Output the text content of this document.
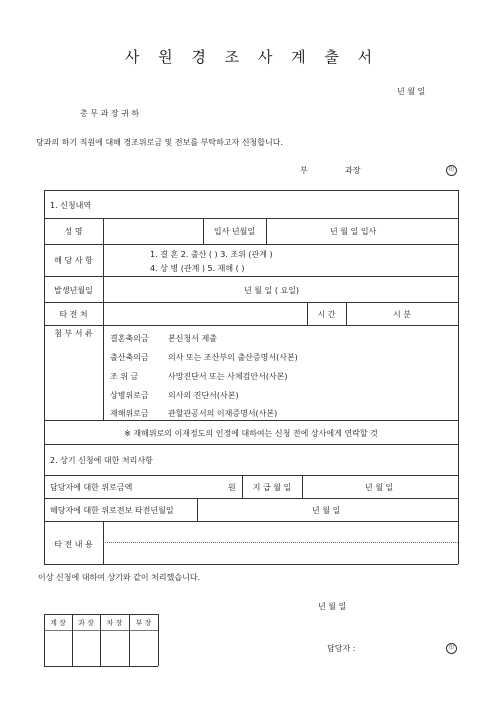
사 원 경 조 사 계 출 서
년 월 일
총 무 과 장 귀 하
당과의 하기 직원에 대해 경조위로금 및 전보를 부탁하고자 신청합니다.
부	과장	印
1. 신청내역
성 명	입사 년월일	년 월 일 입사
해 당 사 항
1. 결 혼 2. 출산 ( ) 3. 조위 (관계 )
4. 상 병 (관계 ) 5. 재해 ( )
발생년월일	년 월 일 ( 요일)
타 전 처	시 간	시 분
첨 부 서 류
결혼축의금 본신청서 제출
출산축의금 의사 또는 조산부의 출산증명서(사본)
조 위 금	사망진단서 또는 사체검안서(사본)
상병위로금 의사의 진단서(사본)
재해위로금 관할관공서의 이재증명서(사본)
※ 재해위로의 이재정도의 인정에 대하여는 신청 전에 상사에게 연락할 것
2. 상기 신청에 대한 처리사항
담당자에 대한 위로금액	원	지 급 월 일	년 월 일
해당자에 대한 위로전보 타전년월일	년 월 일
타 전 내 용
이상 신청에 대하여 상기와 같이 처리했습니다.
년 월 일
계 장	과 장	차 장	부 장
담당자 :	印
